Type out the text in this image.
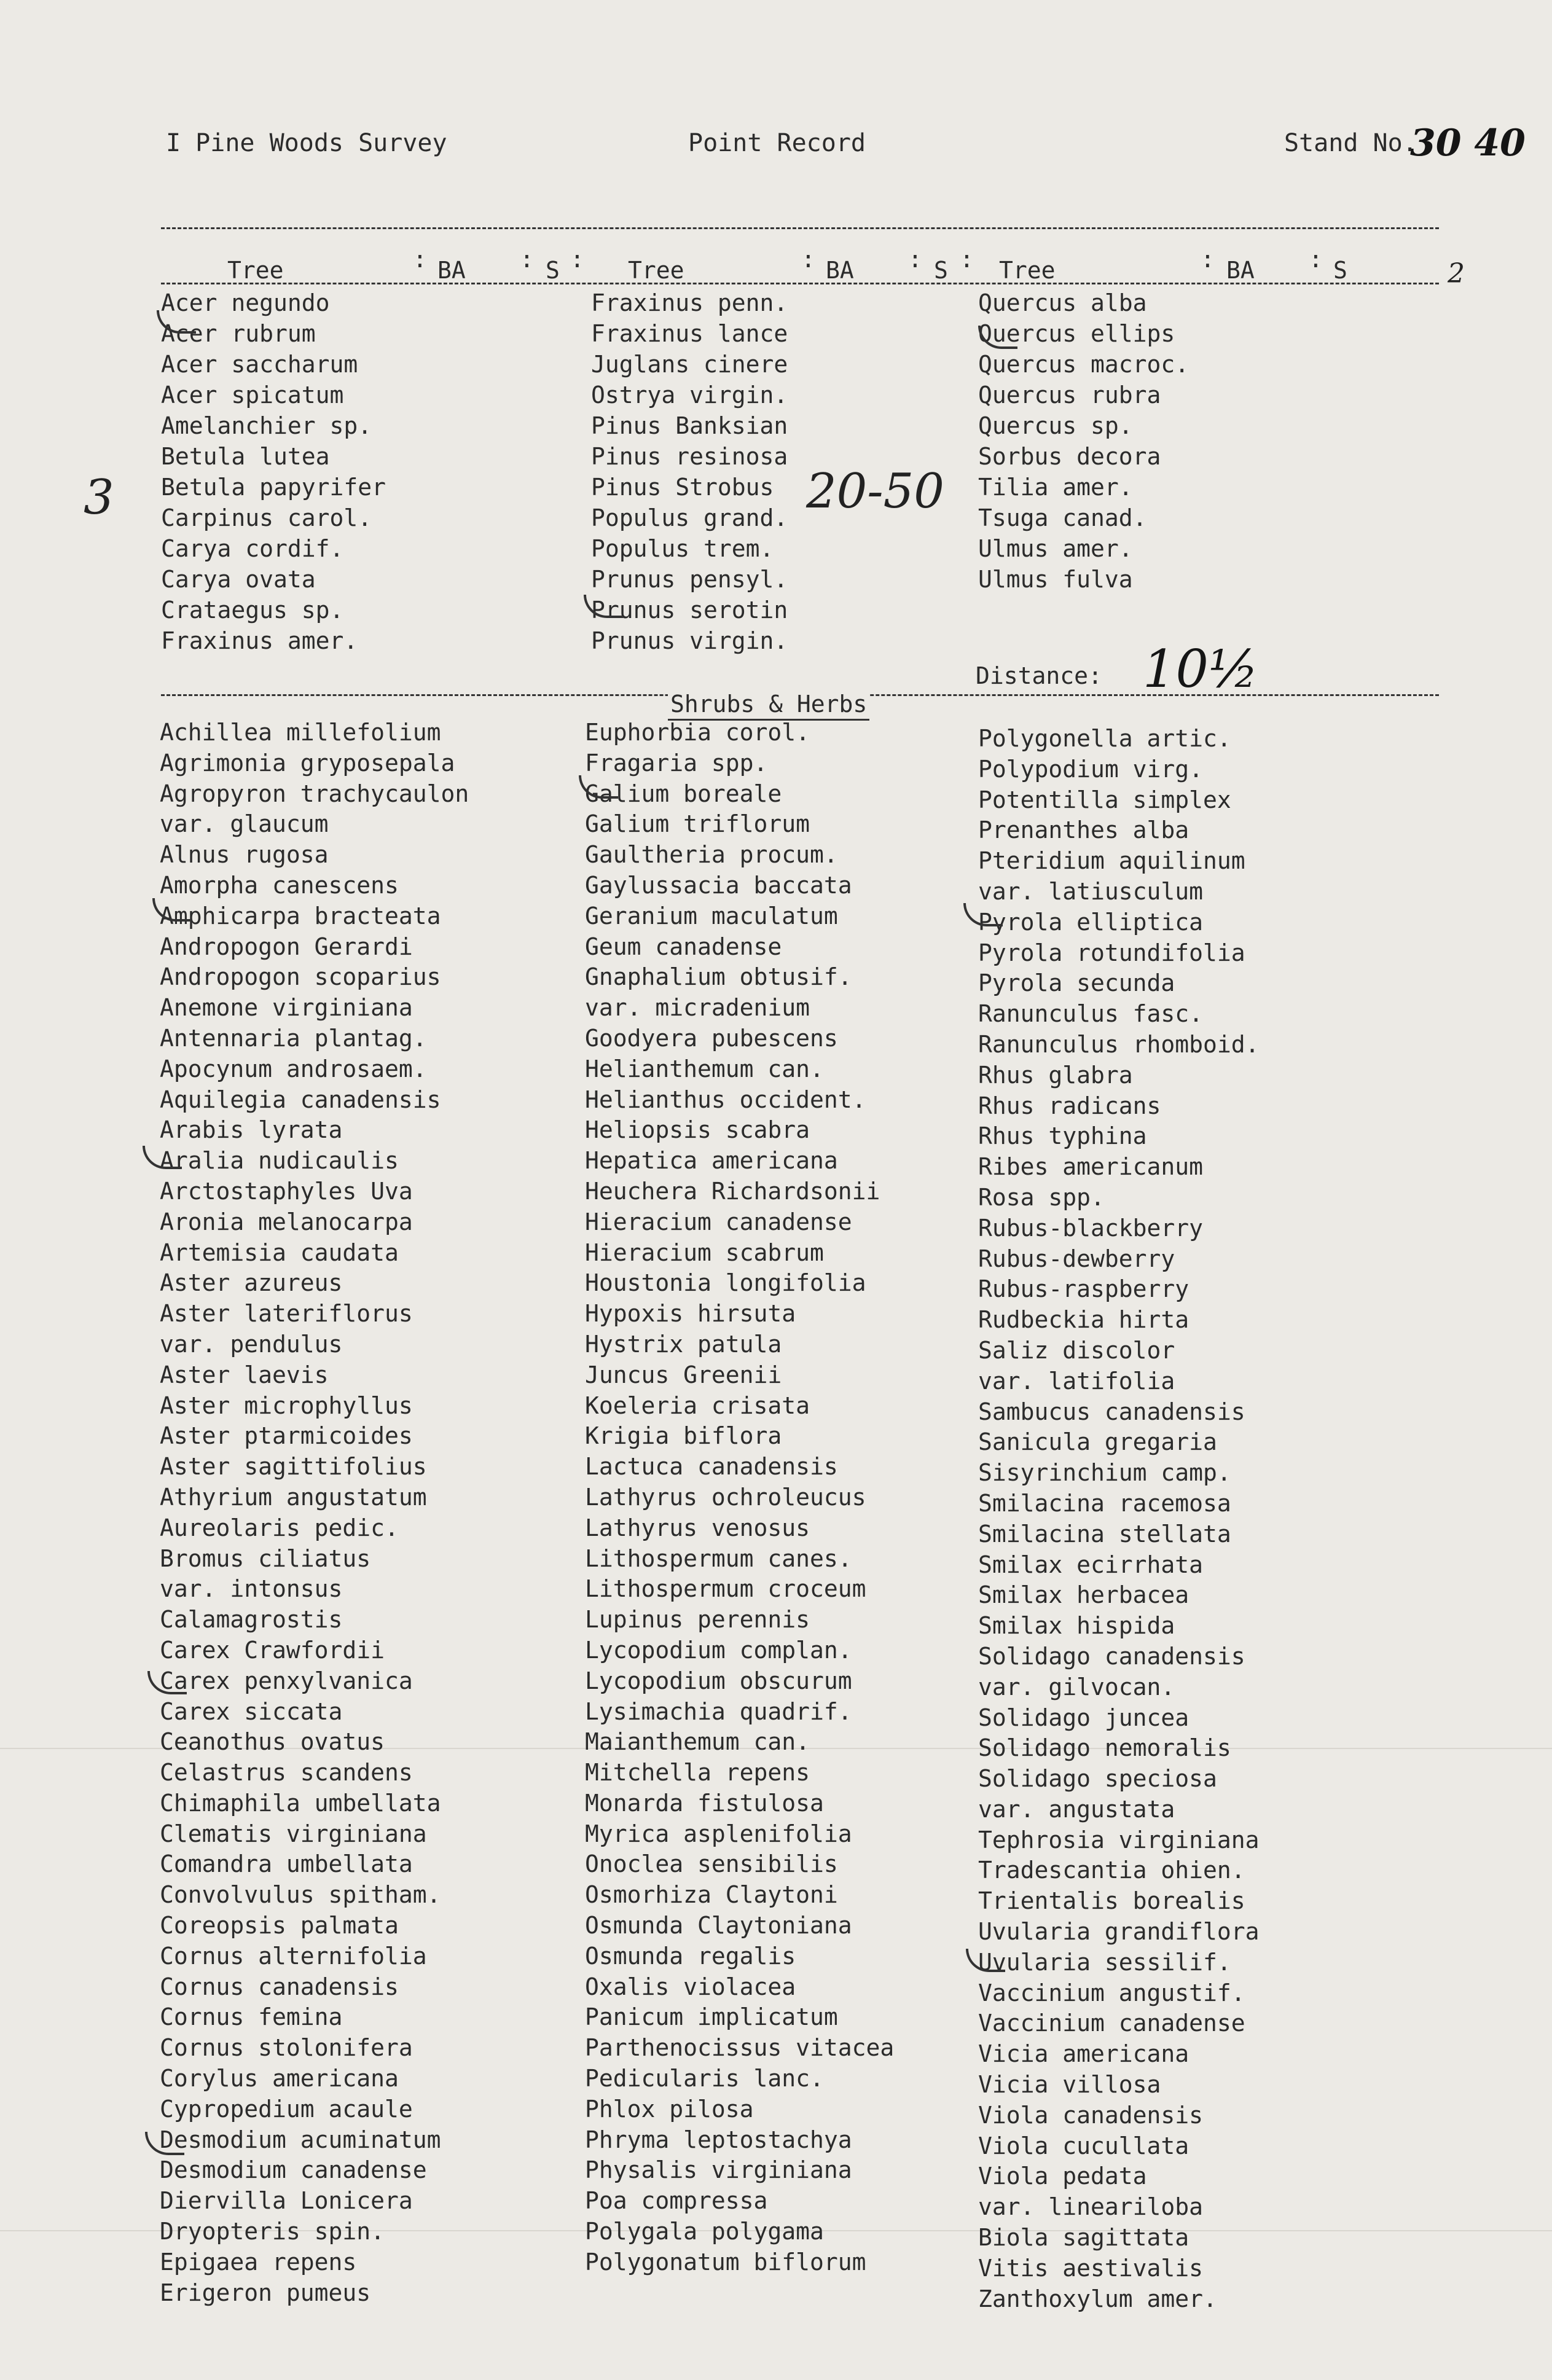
I Pine Woods Survey	Point Record	Stand No.
30 40
Tree	: BA : S : Tree	: BA : S : Tree	: BA : S
Acer negundo
Acer rubrum
Acer saccharum
Acer spicatum
Amelanchier sp.
Betula lutea
Betula papyrifer
Carpinus carol.
Carya cordif.
Carya ovata
Crataegus sp.
Fraxinus amer.
Fraxinus penn.
Fraxinus lance
Juglans cinere
Ostrya virgin.
Pinus Banksian
Pinus resinosa
Pinus Strobus
Populus grand.
Populus trem.
Prunus pensyl.
Prunus serotin
Prunus virgin.
Quercus alba
Quercus ellips
Quercus macroc.
Quercus rubra
Quercus sp.
Sorbus decora
Tilia amer.
Tsuga canad.
Ulmus amer.
Ulmus fulva
Distance: 10½
Shrubs & Herbs
Achillea millefolium
Agrimonia gryposepala
Agropyron trachycaulon
var. glaucum
Alnus rugosa
Amorpha canescens
Amphicarpa bracteata
Andropogon Gerardi
Andropogon scoparius
Anemone virginiana
Antennaria plantag.
Apocynum androsaem.
Aquilegia canadensis
Arabis lyrata
Aralia nudicaulis
Arctostaphyles Uva
Aronia melanocarpa
Artemisia caudata
Aster azureus
Aster lateriflorus
var. pendulus
Aster laevis
Aster microphyllus
Aster ptarmicoides
Aster sagittifolius
Athyrium angustatum
Aureolaris pedic.
Bromus ciliatus
var. intonsus
Calamagrostis
Carex Crawfordii
Carex penxylvanica
Carex siccata
Ceanothus ovatus
Celastrus scandens
Chimaphila umbellata
Clematis virginiana
Comandra umbellata
Convolvulus spitham.
Coreopsis palmata
Cornus alternifolia
Cornus canadensis
Cornus femina
Cornus stolonifera
Corylus americana
Cypropedium acaule
Desmodium acuminatum
Desmodium canadense
Diervilla Lonicera
Dryopteris spin.
Epigaea repens
Erigeron pumeus
Euphorbia corol.
Fragaria spp.
Galium boreale
Galium triflorum
Gaultheria procum.
Gaylussacia baccata
Geranium maculatum
Geum canadense
Gnaphalium obtusif.
var. micradenium
Goodyera pubescens
Helianthemum can.
Helianthus occident.
Heliopsis scabra
Hepatica americana
Heuchera Richardsonii
Hieracium canadense
Hieracium scabrum
Houstonia longifolia
Hypoxis hirsuta
Hystrix patula
Juncus Greenii
Koeleria crisata
Krigia biflora
Lactuca canadensis
Lathyrus ochroleucus
Lathyrus venosus
Lithospermum canes.
Lithospermum croceum
Lupinus perennis
Lycopodium complan.
Lycopodium obscurum
Lysimachia quadrif.
Maianthemum can.
Mitchella repens
Monarda fistulosa
Myrica asplenifolia
Onoclea sensibilis
Osmorhiza Claytoni
Osmunda Claytoniana
Osmunda regalis
Oxalis violacea
Panicum implicatum
Parthenocissus vitacea
Pedicularis lanc.
Phlox pilosa
Phryma leptostachya
Physalis virginiana
Poa compressa
Polygala polygama
Polygonatum biflorum
Polygonella artic.
Polypodium virg.
Potentilla simplex
Prenanthes alba
Pteridium aquilinum
var. latiusculum
Pyrola elliptica
Pyrola rotundifolia
Pyrola secunda
Ranunculus fasc.
Ranunculus rhomboid.
Rhus glabra
Rhus radicans
Rhus typhina
Ribes americanum
Rosa spp.
Rubus-blackberry
Rubus-dewberry
Rubus-raspberry
Rudbeckia hirta
Saliz discolor
var. latifolia
Sambucus canadensis
Sanicula gregaria
Sisyrinchium camp.
Smilacina racemosa
Smilacina stellata
Smilax ecirrhata
Smilax herbacea
Smilax hispida
Solidago canadensis
var. gilvocan.
Solidago juncea
Solidago nemoralis
Solidago speciosa
var. angustata
Tephrosia virginiana
Tradescantia ohien.
Trientalis borealis
Uvularia grandiflora
Uvularia sessilif.
Vaccinium angustif.
Vaccinium canadense
Vicia americana
Vicia villosa
Viola canadensis
Viola cucullata
Viola pedata
var. lineariloba
Biola sagittata
Vitis aestivalis
Zanthoxylum amer.
3	20-50
2
